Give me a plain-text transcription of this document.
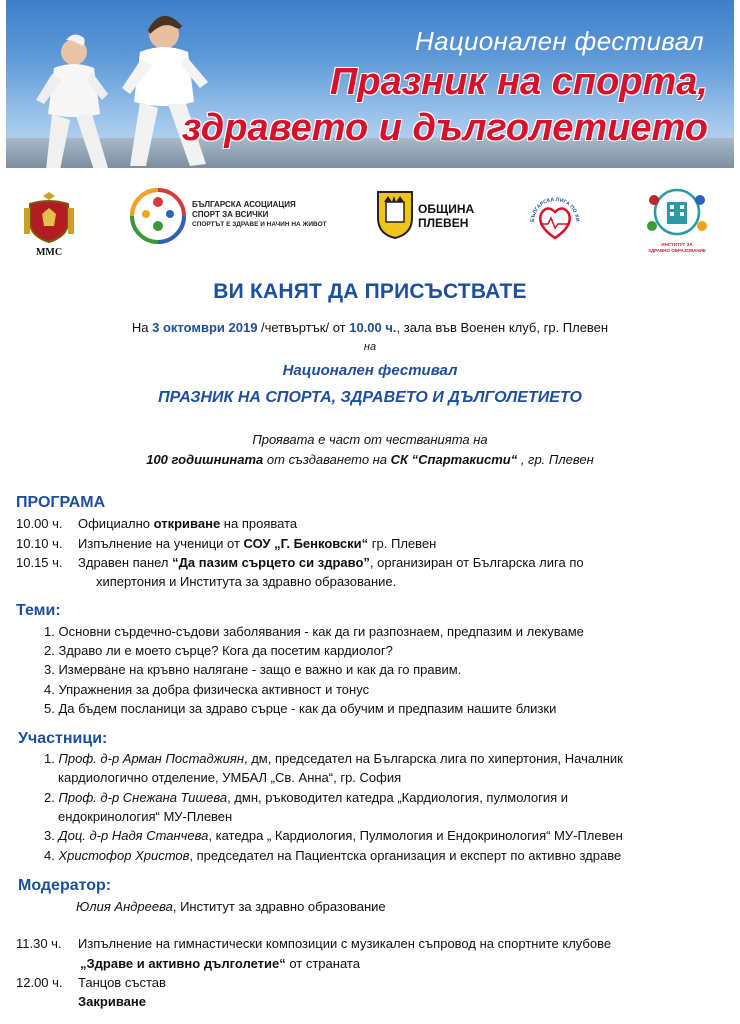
Национален фестивал
Празник на спорта,
здравето и дълголетието
ММС
БЪЛГАРСКА АСОЦИАЦИЯ
СПОРТ ЗА ВСИЧКИ
СПОРТЪТ Е ЗДРАВЕ И НАЧИН НА ЖИВОТ
ОБЩИНА
ПЛЕВЕН	БЪЛГАРСКА ЛИГА ПО ХИ
ИНСТИТУТ ЗА
ЗДРАВНО ОБРАЗОВАНИЕ
ВИ КАНЯТ ДА ПРИСЪСТВАТЕ
На 3 октомври 2019 /четвъртък/ от 10.00 ч., зала във Военен клуб, гр. Плевен
на
Национален фестивал
ПРАЗНИК НА СПОРТА, ЗДРАВЕТО И ДЪЛГОЛЕТИЕТО
Проявата е част от честванията на
100 годишнината от създаването на СК “Спартакисти“ , гр. Плевен
ПРОГРАМА
10.00 ч. Официално откриване на проявата
10.10 ч. Изпълнение на ученици от СОУ „Г. Бенковски“ гр. Плевен
10.15 ч. Здравен панел “Да пазим сърцето си здраво”, организиран от Българска лига по
хипертония и Института за здравно образование.
Теми:
1. Основни сърдечно-съдови заболявания - как да ги разпознаем, предпазим и лекуваме
2. Здраво ли е моето сърце? Кога да посетим кардиолог?
3. Измерване на кръвно налягане - защо е важно и как да го правим.
4. Упражнения за добра физическа активност и тонус
5. Да бъдем посланици за здраво сърце - как да обучим и предпазим нашите близки
Участници:
1. Проф. д-р Арман Постаджиян, дм, председател на Българска лига по хипертония, Началник
кардиологично отделение, УМБАЛ „Св. Анна“, гр. София
2. Проф. д-р Снежана Тишева, дмн, ръководител катедра „Кардиология, пулмология и
ендокринология“ МУ-Плевен
3. Доц. д-р Надя Станчева, катедра „ Кардиология, Пулмология и Ендокринология“ МУ-Плевен
4. Христофор Христов, председател на Пациентска организация и експерт по активно здраве
Модератор:
Юлия Андреева, Институт за здравно образование
11.30 ч. Изпълнение на гимнастически композиции с музикален съпровод на спортните клубове
„Здраве и активно дълголетие“ от страната
12.00 ч. Танцов състав
Закриване
